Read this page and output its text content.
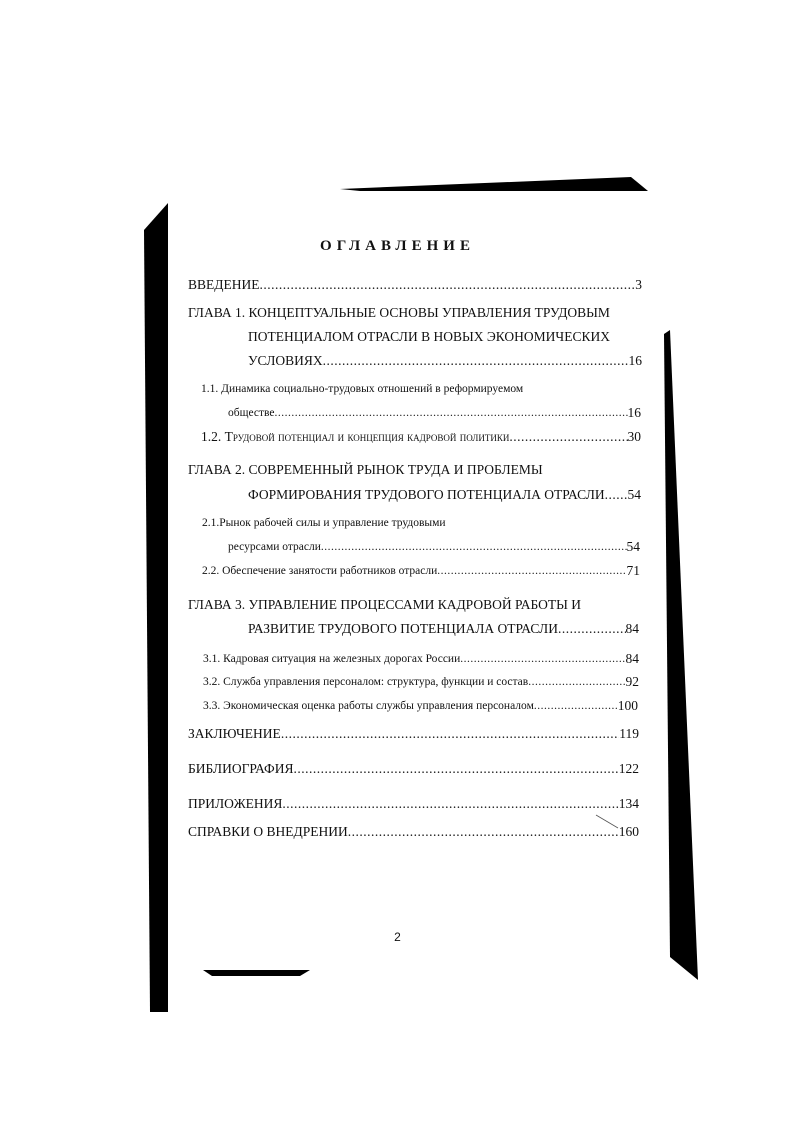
ОГЛАВЛЕНИЕ
ВВЕДЕНИЕ .....	3
ГЛАВА 1. КОНЦЕПТУАЛЬНЫЕ ОСНОВЫ УПРАВЛЕНИЯ ТРУДОВЫМ
ПОТЕНЦИАЛОМ ОТРАСЛИ В НОВЫХ ЭКОНОМИЧЕСКИХ
УСЛОВИЯХ .....	16
1.1. Динамика социально-трудовых отношений в реформируемом
обществе .....	16
1.2. Трудовой потенциал и концепция кадровой политики .....	30
ГЛАВА 2. СОВРЕМЕННЫЙ РЫНОК ТРУДА И ПРОБЛЕМЫ
ФОРМИРОВАНИЯ ТРУДОВОГО ПОТЕНЦИАЛА ОТРАСЛИ ..... 54
2.1.Рынок рабочей силы и управление трудовыми
ресурсами отрасли .....	54
2.2. Обеспечение занятости работников отрасли .....	71
ГЛАВА 3. УПРАВЛЕНИЕ ПРОЦЕССАМИ КАДРОВОЙ РАБОТЫ И
РАЗВИТИЕ ТРУДОВОГО ПОТЕНЦИАЛА ОТРАСЛИ .....	84
3.1. Кадровая ситуация на железных дорогах России .....	84
3.2. Служба управления персоналом: структура, функции и состав .....	92
3.3. Экономическая оценка работы службы управления персоналом .....	100
ЗАКЛЮЧЕНИЕ .....	119
БИБЛИОГРАФИЯ .....	122
ПРИЛОЖЕНИЯ .....	134
СПРАВКИ О ВНЕДРЕНИИ .....	160
2
